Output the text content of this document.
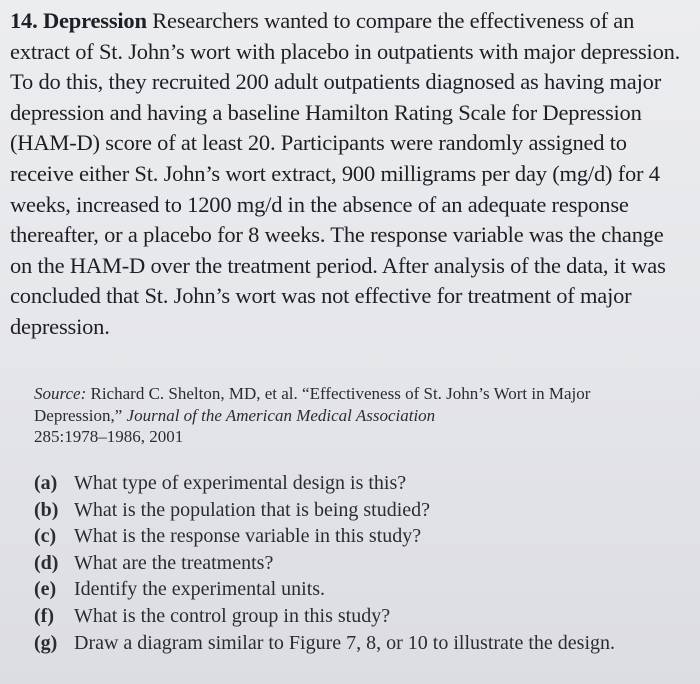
14. Depression Researchers wanted to compare the effectiveness of an extract of St. John’s wort with placebo in outpatients with major depression. To do this, they recruited 200 adult outpatients diagnosed as having major depression and having a baseline Hamilton Rating Scale for Depression (HAM-D) score of at least 20. Participants were randomly assigned to receive either St. John’s wort extract, 900 milligrams per day (mg/d) for 4 weeks, increased to 1200 mg/d in the absence of an adequate response thereafter, or a placebo for 8 weeks. The response variable was the change on the HAM-D over the treatment period. After analysis of the data, it was concluded that St. John’s wort was not effective for treatment of major depression.
Source: Richard C. Shelton, MD, et al. “Effectiveness of St. John’s Wort in Major Depression,” Journal of the American Medical Association
285:1978–1986, 2001
(a) What type of experimental design is this?
(b) What is the population that is being studied?
(c) What is the response variable in this study?
(d) What are the treatments?
(e) Identify the experimental units.
(f)	What is the control group in this study?
(g) Draw a diagram similar to Figure 7, 8, or 10 to illustrate the design.
